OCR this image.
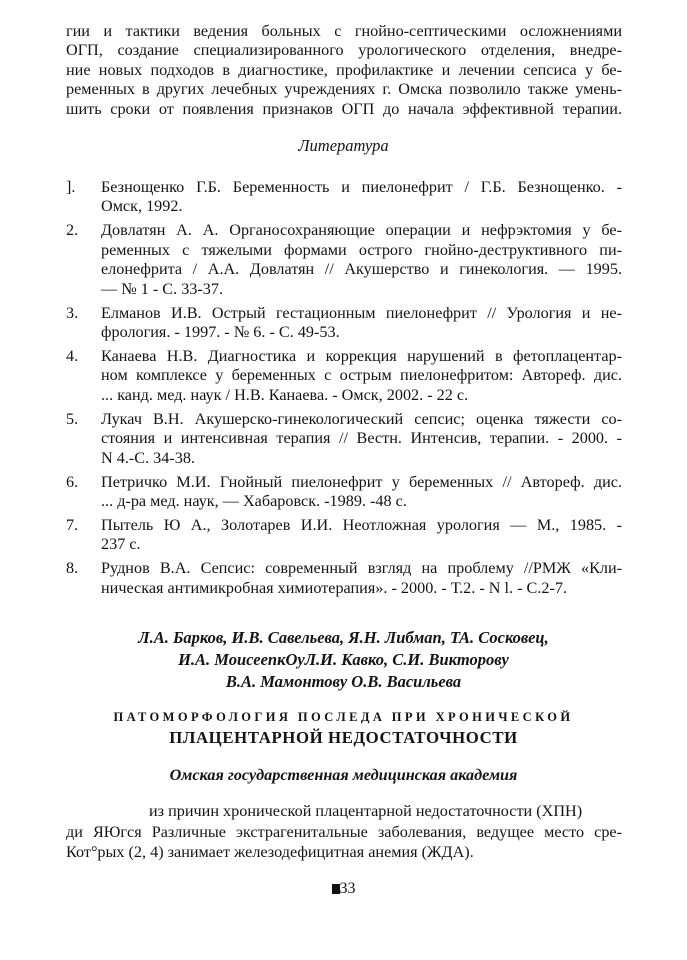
гии и тактики ведения больных с гнойно-септическими осложнениями
ОГП, создание специализированного урологического отделения, внедре-
ние новых подходов в диагностике, профилактике и лечении сепсиса у бе-
ременных в других лечебных учреждениях г. Омска позволило также умень-
шить сроки от появления признаков ОГП до начала эффективной терапии.
Литература
]. Безнощенко Г.Б. Беременность и пиелонефрит / Г.Б. Безнощенко. -
Омск, 1992.
2. Довлатян А. А. Органосохраняющие операции и нефрэктомия у бе-
ременных с тяжелыми формами острого гнойно-деструктивного пи-
елонефрита / А.А. Довлатян // Акушерство и гинекология. — 1995.
— № 1 - С. 33-37.
3. Елманов И.В. Острый гестационным пиелонефрит // Урология и не-
фрология. - 1997. - № 6. - С. 49-53.
4. Канаева Н.В. Диагностика и коррекция нарушений в фетоплацентар-
ном комплексе у беременных с острым пиелонефритом: Автореф. дис.
... канд. мед. наук / Н.В. Канаева. - Омск, 2002. - 22 с.
5. Лукач В.Н. Акушерско-гинекологический сепсис; оценка тяжести со-
стояния и интенсивная терапия // Вестн. Интенсив, терапии. - 2000. -
N 4.-С. 34-38.
6. Петричко М.И. Гнойный пиелонефрит у беременных // Автореф. дис.
... д-ра мед. наук, — Хабаровск. -1989. -48 с.
7. Пытель Ю А., Золотарев И.И. Неотложная урология — М., 1985. -
237 с.
8. Руднов В.А. Сепсис: современный взгляд на проблему //РМЖ «Кли-
ническая антимикробная химиотерапия». - 2000. - Т.2. - N l. - С.2-7.
Л.А. Барков, И.В. Савельева, Я.Н. Либмап, ТА. Сосковец,
И.А. МоисеепкОуЛ.И. Кавко, С.И. Викторову
В.А. Мамонтову О.В. Васильева
ПАТОМОРФОЛОГИЯ ПОСЛЕДА ПРИ ХРОНИЧЕСКОЙ
ПЛАЦЕНТАРНОЙ НЕДОСТАТОЧНОСТИ
Омская государственная медицинская академия
из причин хронической плацентарной недостаточности (ХПН)
ди ЯЮгся Различные экстрагенитальные заболевания, ведущее место сре-
Кот°рых (2, 4) занимает железодефицитная анемия (ЖДА).
33
